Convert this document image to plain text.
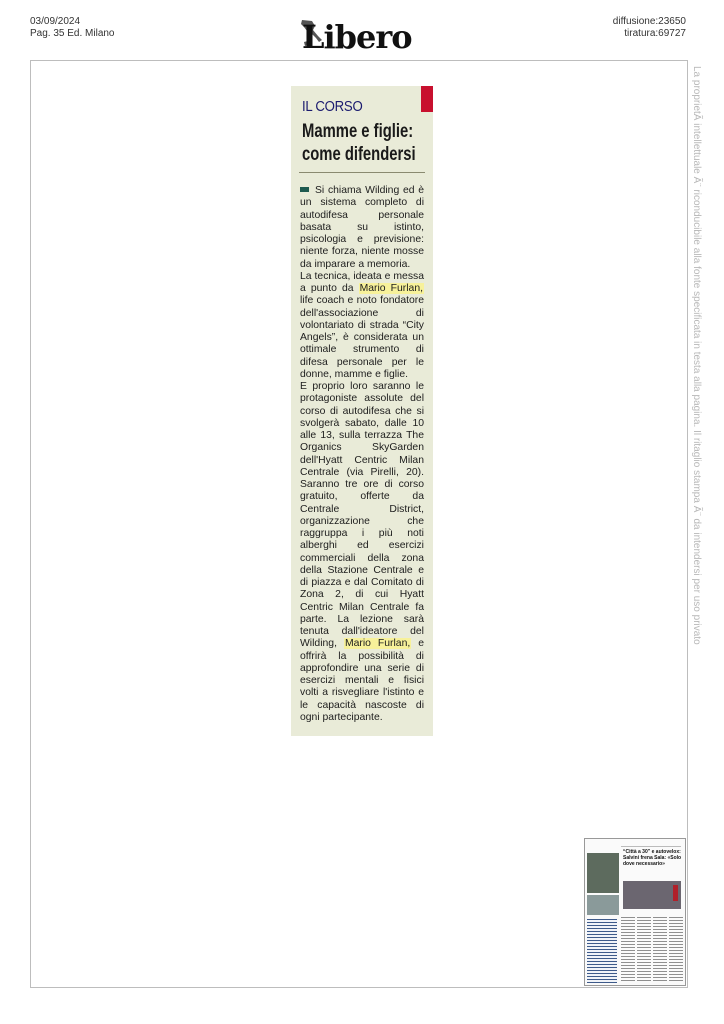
03/09/2024
Pag. 35 Ed. Milano	Libero	diffusione:23650
tiratura:69727
La proprietÃ intellettuale Ã¨ riconducibile alla fonte specificata in testa alla pagina. Il ritaglio stampa Ã¨ da intendersi per uso privato
IL CORSO
Mamme e figlie: come difendersi

Si chiama Wilding ed è un sistema completo di autodifesa personale basata su istinto, psicologia e previsione: niente forza, niente mosse da imparare a memoria.

La tecnica, ideata e messa a punto da Mario Furlan, life coach e noto fondatore dell'associazione di volontariato di strada “City Angels”, è considerata un ottimale strumento di difesa personale per le donne, mamme e figlie.

E proprio loro saranno le protagoniste assolute del corso di autodifesa che si svolgerà sabato, dalle 10 alle 13, sulla terrazza The Organics SkyGarden dell'Hyatt Centric Milan Centrale (via Pirelli, 20). Saranno tre ore di corso gratuito, offerte da Centrale District, organizzazione che raggruppa i più noti alberghi ed esercizi commerciali della zona della Stazione Centrale e di piazza e dal Comitato di Zona 2, di cui Hyatt Centric Milan Centrale fa parte. La lezione sarà tenuta dall'ideatore del Wilding, Mario Furlan, e offrirà la possibilità di approfondire una serie di esercizi mentali e fisici volti a risvegliare l'istinto e le capacità nascoste di ogni partecipante.

“Città a 30” e autovelox: Salvini frena Sala: «Solo dove necessario»
